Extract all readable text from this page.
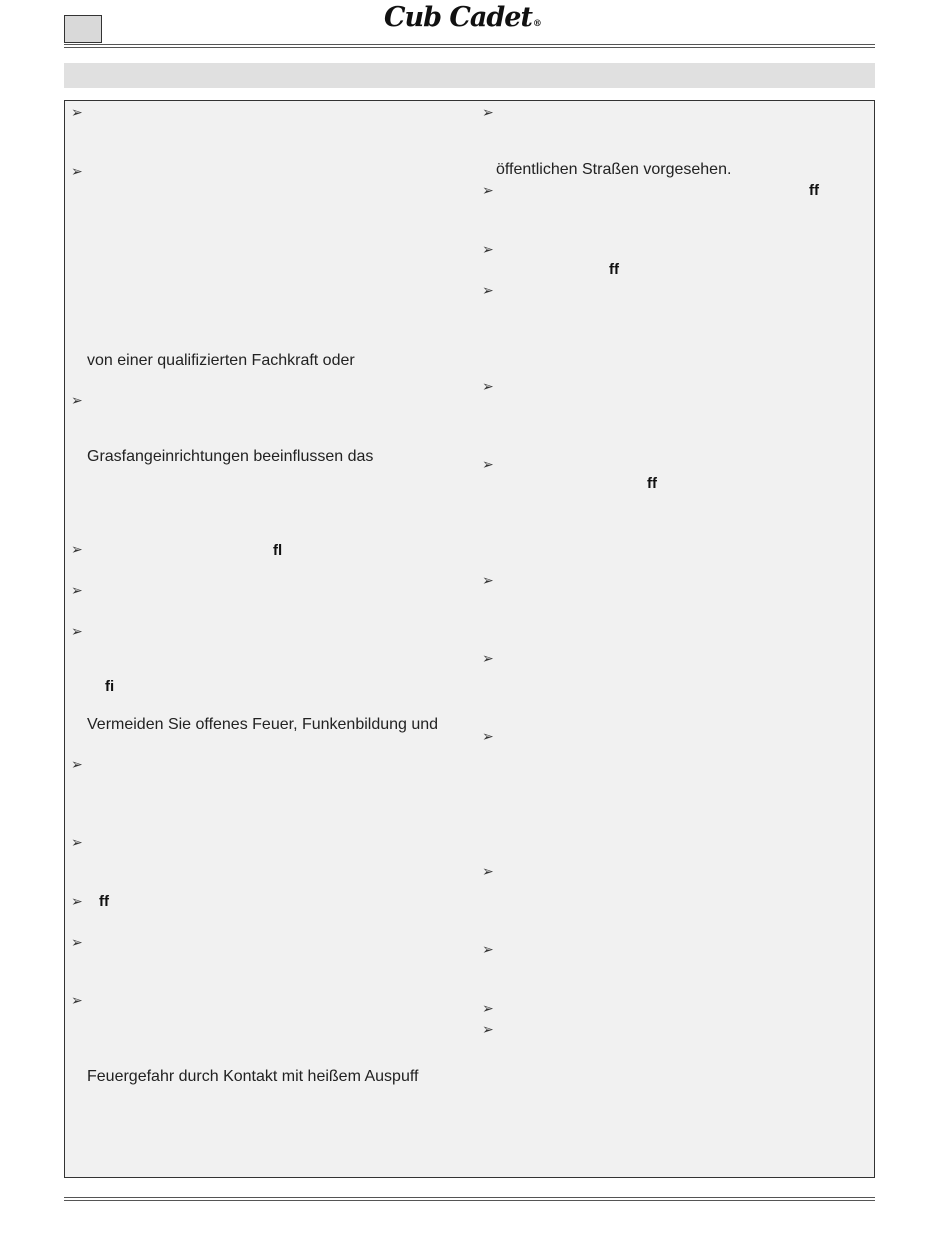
Cub Cadet®
➢
➢
➢
➢
➢
➢
➢
➢
➢
➢
➢
von einer qualifizierten Fachkraft oder
Grasfangeinrichtungen beeinflussen das
fl
fi
Vermeiden Sie offenes Feuer, Funkenbildung und
ff
Feuergefahr durch Kontakt mit heißem Auspuff
➢
➢
➢
➢
➢
➢
➢
➢
➢
➢
➢
➢
➢
öffentlichen Straßen vorgesehen.
ff
ff
ff
